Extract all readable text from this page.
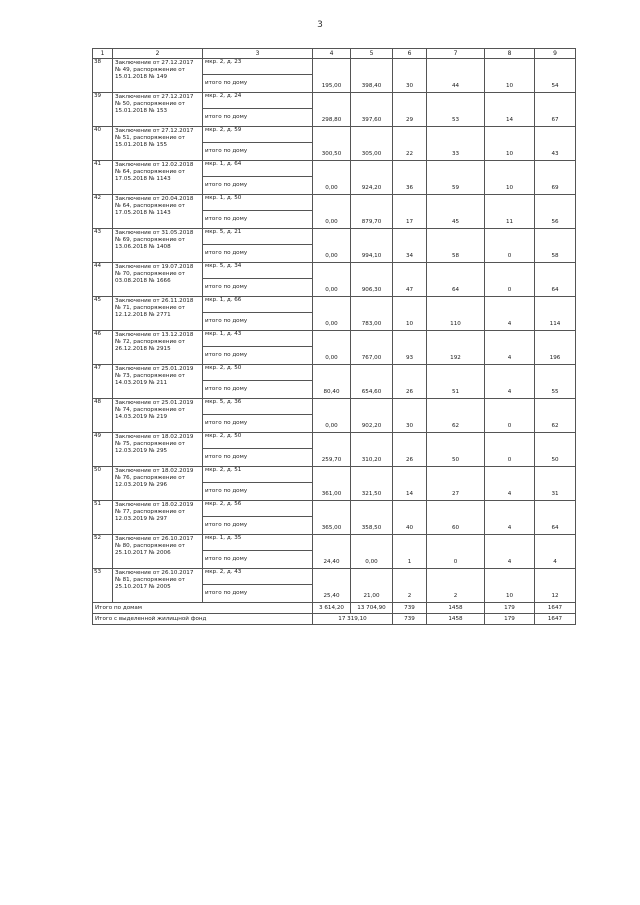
3
1	2	3	4	5	6	7	8	9
38	Заключение от 27.12.2017 № 49, распоряжение от 15.01.2018 № 149	мкр. 2, д. 23	195,00	398,40	30	44	10	54
		итого по дому						
39	Заключение от 27.12.2017 № 50, распоряжение от 15.01.2018 № 153	мкр. 2, д. 24	298,80	397,60	29	53	14	67
		итого по дому						
40	Заключение от 27.12.2017 № 51, распоряжение от 15.01.2018 № 155	мкр. 2, д. 59	300,50	305,00	22	33	10	43
		итого по дому						
41	Заключение от 12.02.2018 № 64, распоряжение от 17.05.2018 № 1143	мкр. 1, д. 64	0,00	924,20	36	59	10	69
		итого по дому						
42	Заключение от 20.04.2018 № 64, распоряжение от 17.05.2018 № 1143	мкр. 1, д. 50	0,00	879,70	17	45	11	56
		итого по дому						
43	Заключение от 31.05.2018 № 69, распоряжение от 13.06.2018 № 1408	мкр. 5, д. 21	0,00	994,10	34	58	0	58
		итого по дому						
44	Заключение от 19.07.2018 № 70, распоряжение от 03.08.2018 № 1666	мкр. 5, д. 34	0,00	906,30	47	64	0	64
		итого по дому						
45	Заключение от 26.11.2018 № 71, распоряжение от 12.12.2018 № 2771	мкр. 1, д. 66	0,00	783,00	10	110	4	114
		итого по дому						
46	Заключение от 13.12.2018 № 72, распоряжение от 26.12.2018 № 2915	мкр. 1, д. 43	0,00	767,00	93	192	4	196
		итого по дому						
47	Заключение от 25.01.2019 № 73, распоряжение от 14.03.2019 № 211	мкр. 2, д. 50	80,40	654,60	26	51	4	55
		итого по дому						
48	Заключение от 25.01.2019 № 74, распоряжение от 14.03.2019 № 219	мкр. 5, д. 36	0,00	902,20	30	62	0	62
		итого по дому						
49	Заключение от 18.02.2019 № 75, распоряжение от 12.03.2019 № 295	мкр. 2, д. 50	259,70	310,20	26	50	0	50
		итого по дому						
50	Заключение от 18.02.2019 № 76, распоряжение от 12.03.2019 № 296	мкр. 2, д. 51	361,00	321,50	14	27	4	31
		итого по дому						
51	Заключение от 18.02.2019 № 77, распоряжение от 12.03.2019 № 297	мкр. 2, д. 56	365,00	358,50	40	60	4	64
		итого по дому						
52	Заключение от 26.10.2017 № 80, распоряжение от 25.10.2017 № 2006	мкр. 1, д. 35	24,40	0,00	1	0	4	4
		итого по дому						
53	Заключение от 26.10.2017 № 81, распоряжение от 25.10.2017 № 2005	мкр. 2, д. 43	25,40	21,00	2	2	10	12
		итого по дому						
Итого по домам			3 614,20	13 704,90	739	1458	179	1647
Итого с выделенной жилищной фонд			17 319,10		739	1458	179	1647
